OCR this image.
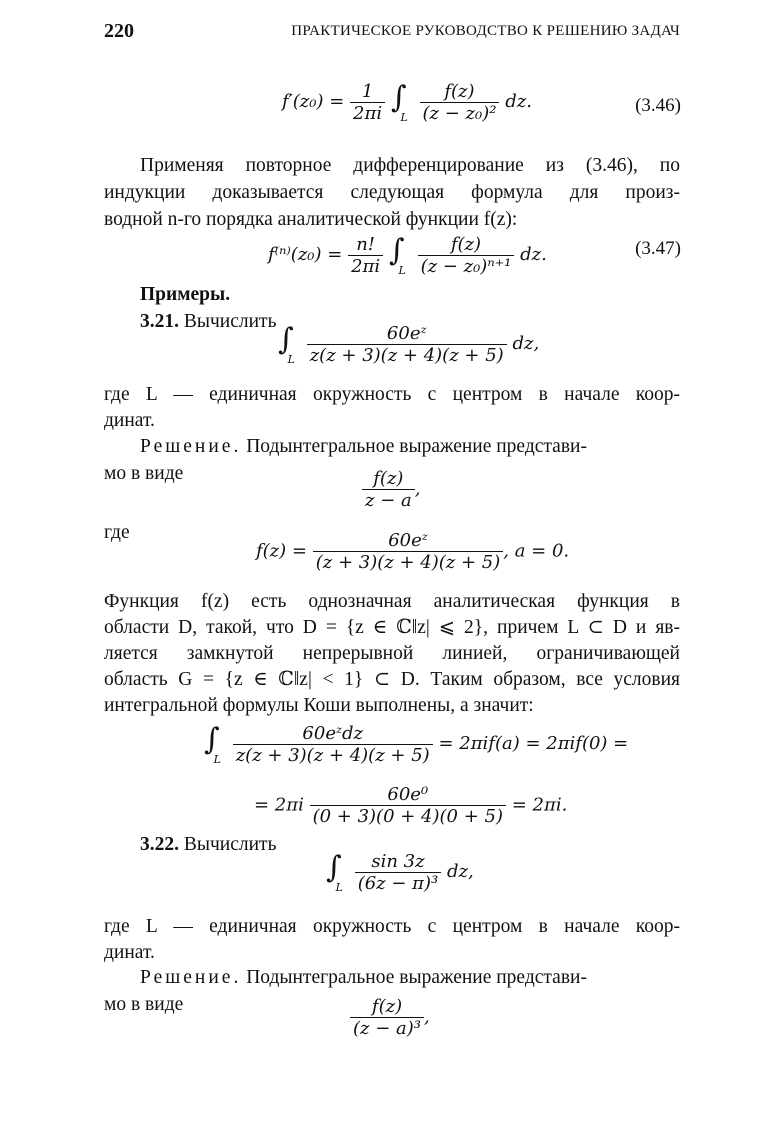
220	ПРАКТИЧЕСКОЕ РУКОВОДСТВО К РЕШЕНИЮ ЗАДАЧ
$f'(z_0) = \frac{1}{2\pi i} \int_L \frac{f(z)}{\text{(z − z₀)²}}$ dz.	(3.46)
Применяя повторное дифференцирование из (3.46), по
индукции доказывается следующая формула для произ-
водной n-го порядка аналитической функции f(z):
$f^{(n)}(z_0) = \frac{n!}{2\pi i} \int_L \frac{f(z)}{\text{(z − z₀)ⁿ⁺¹}}$ dz.	(3.47)
Примеры.
3.21. Вычислить
$\int_L \frac{\text{60eᶻ}}{z(z + 3)(z + 4)(z + 5)}$ dz,
где L — единичная окружность с центром в начале коор-
динат.
Решение. Подынтегральное выражение представи-
мо в виде	$\frac{f(z)}{z - a}$ ,
где
$f(z) = \frac{\text{60eᶻ}}{(z + 3)(z + 4)(z + 5)}$ , a = 0.
Функция f(z) есть однозначная аналитическая функция в
области D, такой, что D = {z ∈ ℂ‖z| ⩽ 2}, причем L ⊂ D и яв-
ляется замкнутой непрерывной линией, ограничивающей
область G = {z ∈ ℂ‖z| < 1} ⊂ D. Таким образом, все условия
интегральной формулы Коши выполнены, а значит:
$\int_L \frac{\text{60eᶻdz}}{z(z + 3)(z + 4)(z + 5)} = 2\pi if(a) = 2\pi if(0)$ =
= $2\pi i \frac{\text{60e⁰}}{(0 + 3)(0 + 4)(0 + 5)} = 2\pi i$.
3.22. Вычислить
$\int_L \frac{\sin 3z}{\text{(6z − π)³}}$ dz,
где L — единичная окружность с центром в начале коор-
динат.
Решение. Подынтегральное выражение представи-
мо в виде	$\frac{f(z)}{\text{(z − a)³}}$ ,
